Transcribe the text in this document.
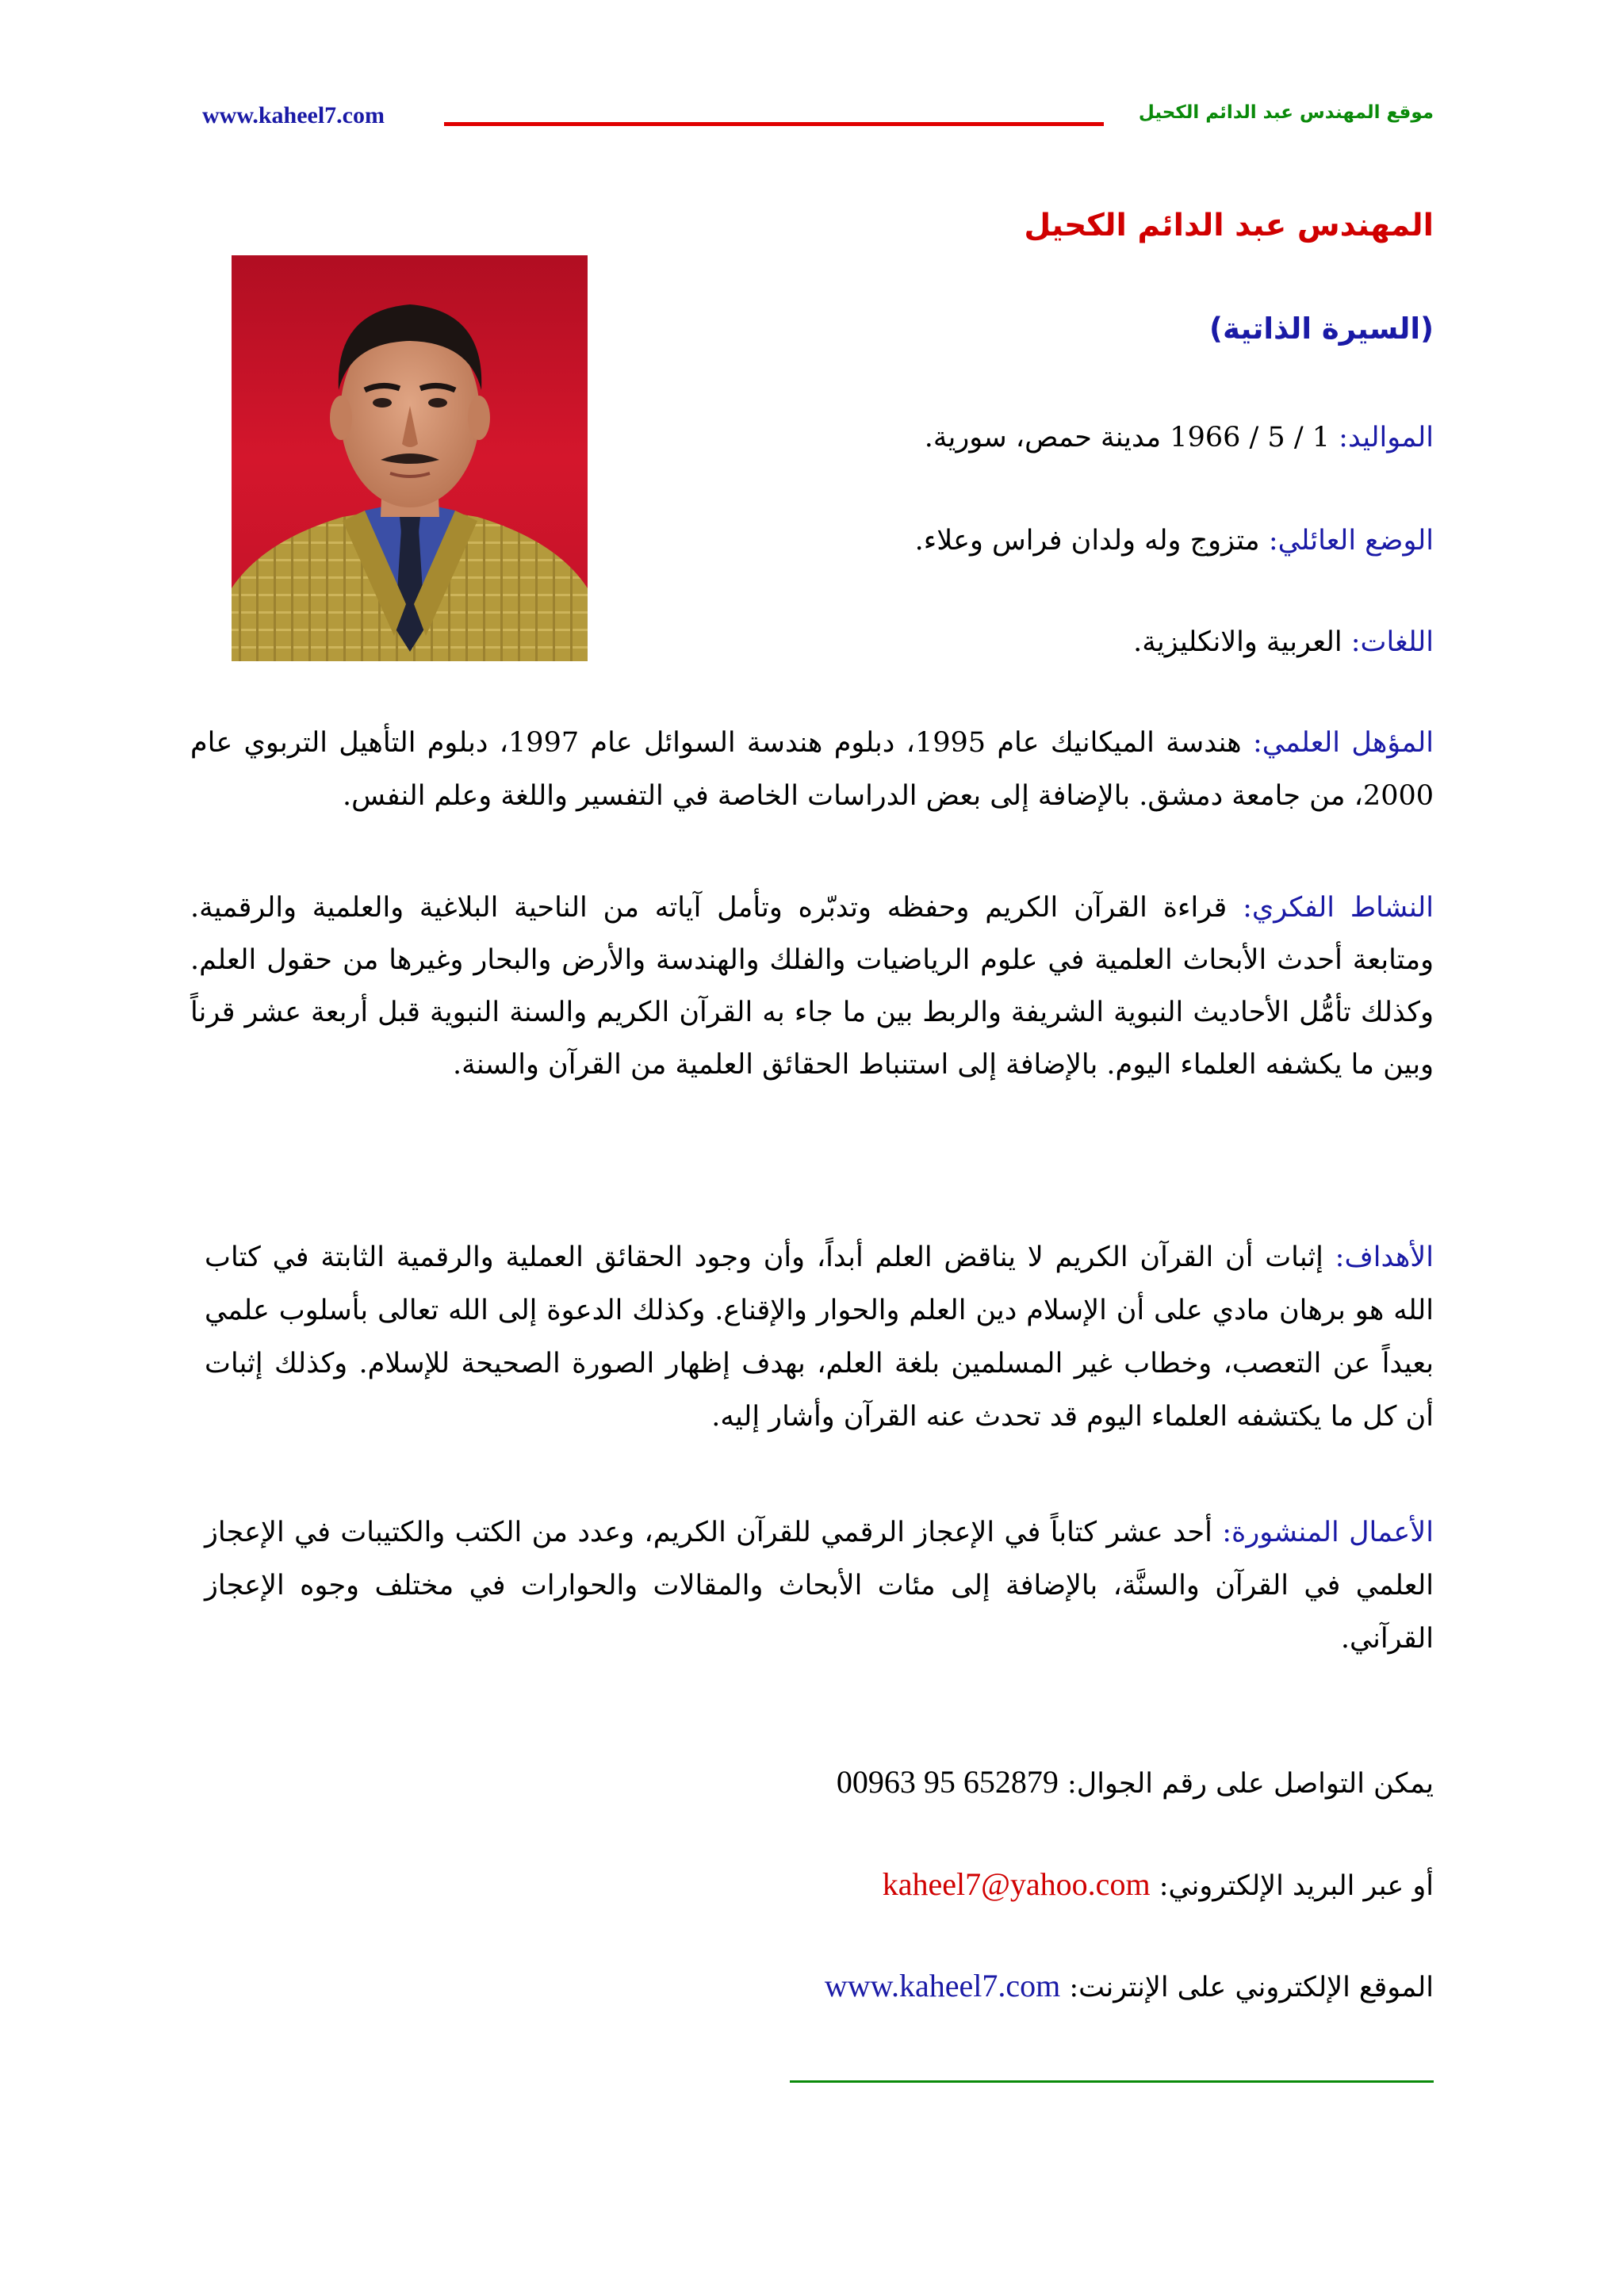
www.kaheel7.com	موقع المهندس عبد الدائم الكحيل
المهندس عبد الدائم الكحيل
(السيرة الذاتية)
المواليد: 1 / 5 / 1966 مدينة حمص، سورية.
الوضع العائلي: متزوج وله ولدان فراس وعلاء.
اللغات: العربية والانكليزية.
المؤهل العلمي: هندسة الميكانيك عام 1995، دبلوم هندسة السوائل عام 1997، دبلوم التأهيل التربوي عام 2000، من جامعة دمشق. بالإضافة إلى بعض الدراسات الخاصة في التفسير واللغة وعلم النفس.
النشاط الفكري: قراءة القرآن الكريم وحفظه وتدبّره وتأمل آياته من الناحية البلاغية والعلمية والرقمية. ومتابعة أحدث الأبحاث العلمية في علوم الرياضيات والفلك والهندسة والأرض والبحار وغيرها من حقول العلم. وكذلك تأمُّل الأحاديث النبوية الشريفة والربط بين ما جاء به القرآن الكريم والسنة النبوية قبل أربعة عشر قرناً وبين ما يكشفه العلماء اليوم. بالإضافة إلى استنباط الحقائق العلمية من القرآن والسنة.
الأهداف: إثبات أن القرآن الكريم لا يناقض العلم أبداً، وأن وجود الحقائق العملية والرقمية الثابتة في كتاب الله هو برهان مادي على أن الإسلام دين العلم والحوار والإقناع. وكذلك الدعوة إلى الله تعالى بأسلوب علمي بعيداً عن التعصب، وخطاب غير المسلمين بلغة العلم، بهدف إظهار الصورة الصحيحة للإسلام. وكذلك إثبات أن كل ما يكتشفه العلماء اليوم قد تحدث عنه القرآن وأشار إليه.
الأعمال المنشورة: أحد عشر كتاباً في الإعجاز الرقمي للقرآن الكريم، وعدد من الكتب والكتيبات في الإعجاز العلمي في القرآن والسنَّة، بالإضافة إلى مئات الأبحاث والمقالات والحوارات في مختلف وجوه الإعجاز القرآني.
يمكن التواصل على رقم الجوال: 00963 95 652879
أو عبر البريد الإلكتروني: kaheel7@yahoo.com
الموقع الإلكتروني على الإنترنت: www.kaheel7.com
